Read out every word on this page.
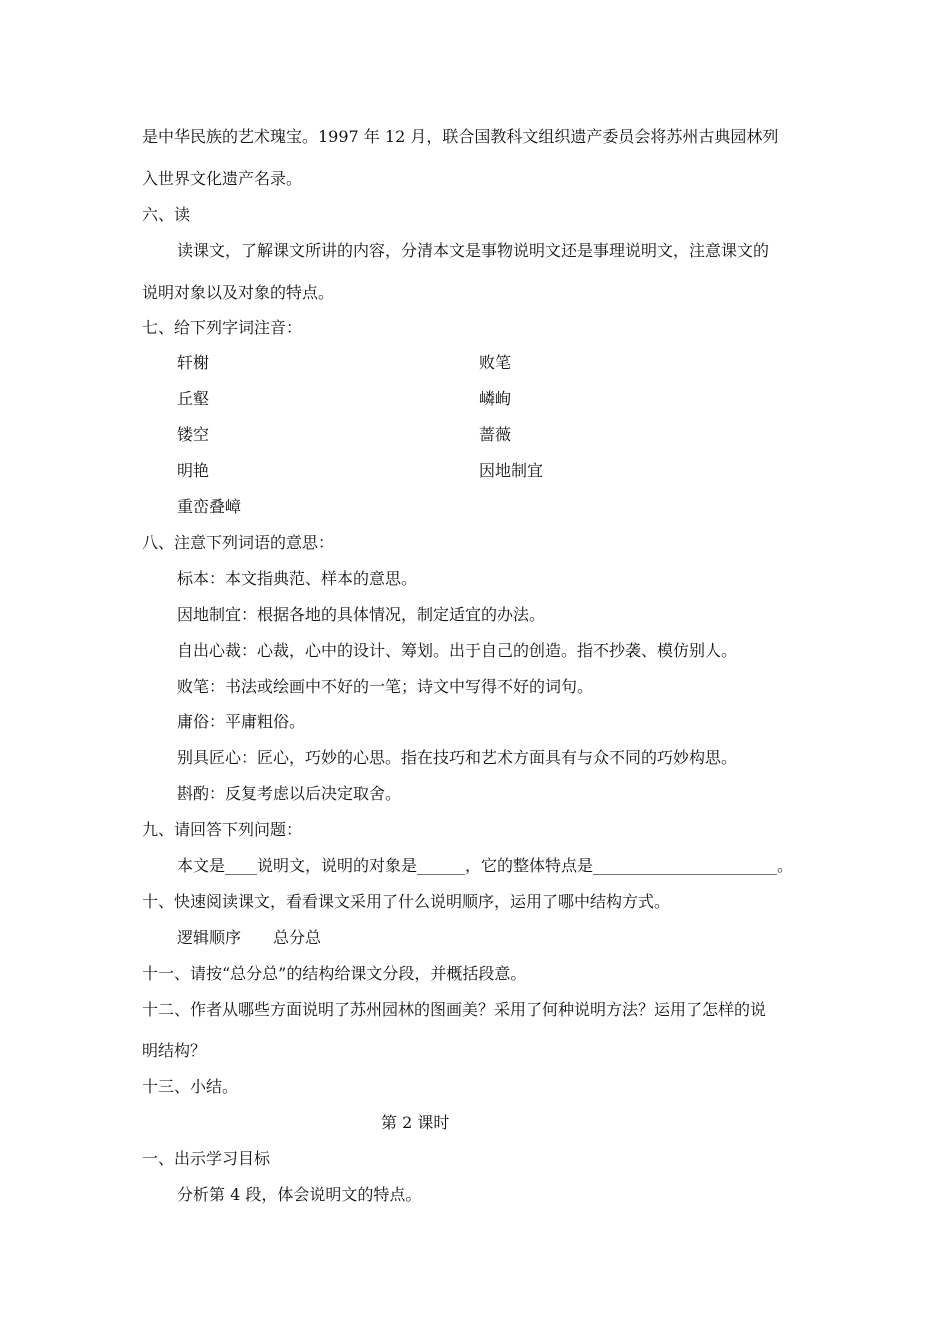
是中华民族的艺术瑰宝。1997 年 12 月，联合国教科文组织遗产委员会将苏州古典园林列
入世界文化遗产名录。
六、读
读课文，了解课文所讲的内容，分清本文是事物说明文还是事理说明文，注意课文的
说明对象以及对象的特点。
七、给下列字词注音：
轩榭	败笔
丘壑	嶙峋
镂空	蔷薇
明艳	因地制宜
重峦叠嶂
八、注意下列词语的意思：
标本：本文指典范、样本的意思。
因地制宜：根据各地的具体情况，制定适宜的办法。
自出心裁：心裁，心中的设计、筹划。出于自己的创造。指不抄袭、模仿别人。
败笔：书法或绘画中不好的一笔；诗文中写得不好的词句。
庸俗：平庸粗俗。
别具匠心：匠心，巧妙的心思。指在技巧和艺术方面具有与众不同的巧妙构思。
斟酌：反复考虑以后决定取舍。
九、请回答下列问题：
本文是____说明文，说明的对象是______，它的整体特点是_______________________。
十、快速阅读课文，看看课文采用了什么说明顺序，运用了哪中结构方式。
逻辑顺序　　总分总
十一、请按“总分总”的结构给课文分段，并概括段意。
十二、作者从哪些方面说明了苏州园林的图画美？采用了何种说明方法？运用了怎样的说
明结构？
十三、小结。
第 2 课时
一、出示学习目标
分析第 4 段，体会说明文的特点。
